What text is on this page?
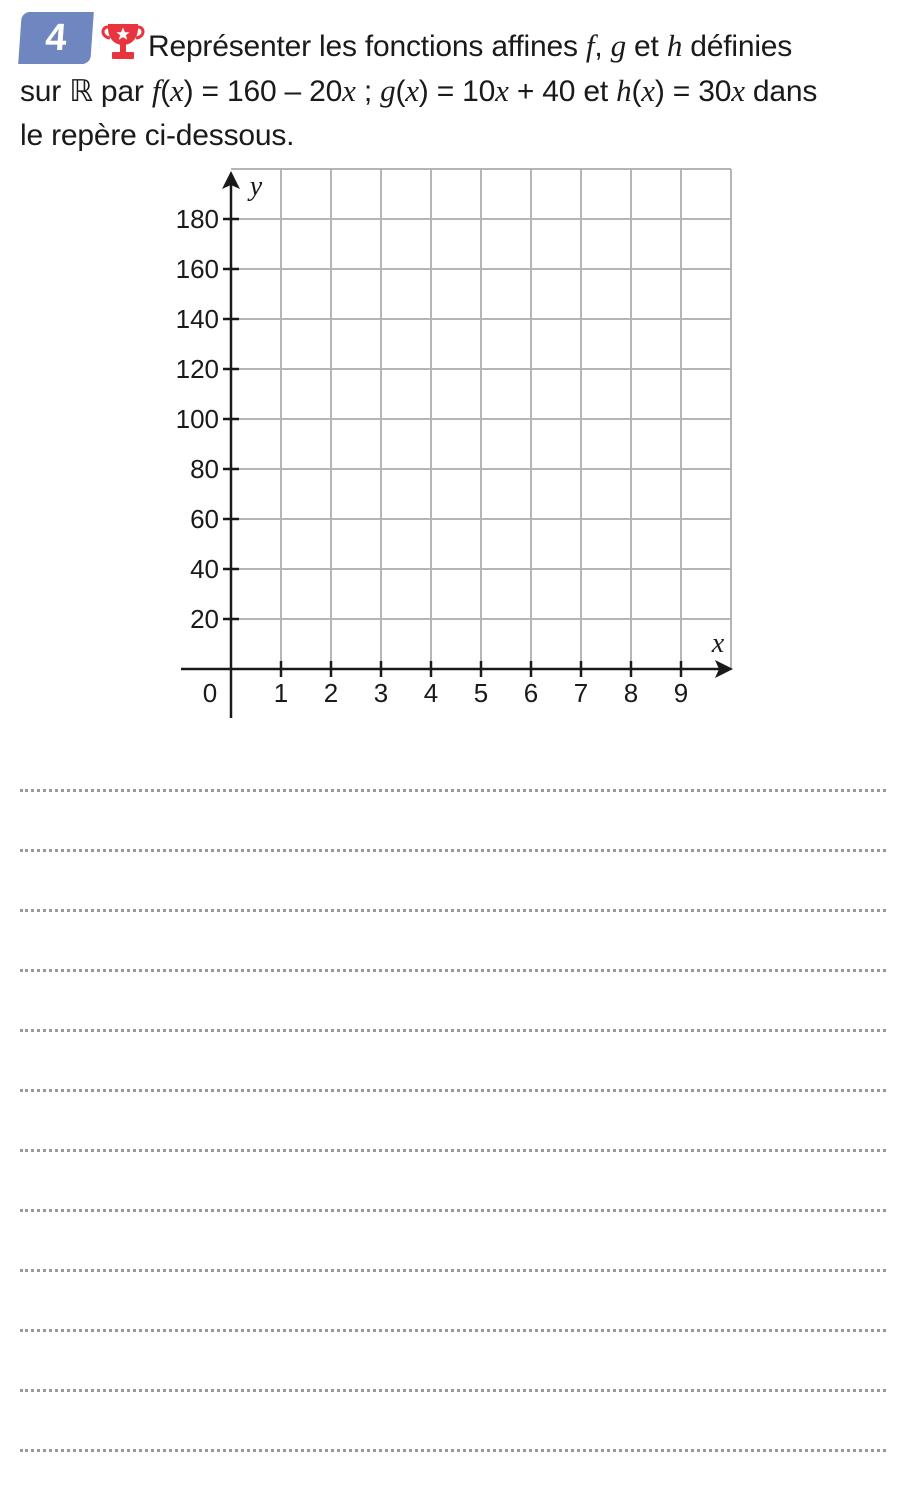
4	Représenter les fonctions affines f, g et h définies
sur ℝ par f(x) = 160 – 20x ; g(x) = 10x + 40 et h(x) = 30x dans
le repère ci-dessous.
1 2 3 4 5 6 7 8 9
20
40
60
80
100
120
140
160
180
0
x
y
